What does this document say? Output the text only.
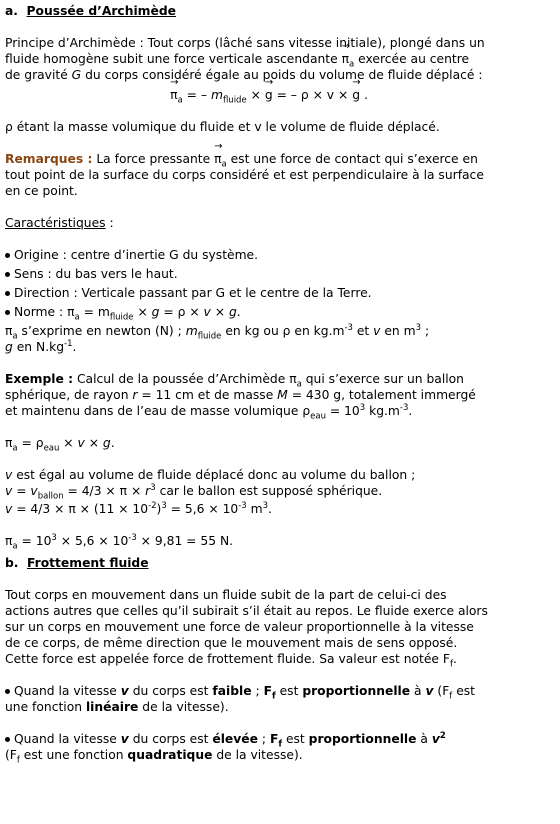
a. Poussée d’Archimède

Principe d’Archimède : Tout corps (lâché sans vitesse initiale), plongé dans un

fluide homogène subit une force verticale ascendante → $\pi_a$ exercée au centre

de gravité G du corps considéré égale au poids du volume de fluide déplacé :

→ $\pi_a$ = – $m_{fluide}$ × → g = – ρ × v × → g .

ρ étant la masse volumique du fluide et v le volume de fluide déplacé.

Remarques : La force pressante → $\pi_a$ est une force de contact qui s’exerce en

tout point de la surface du corps considéré et est perpendiculaire à la surface

en ce point.

Caractéristiques :

Origine : centre d’inertie G du système.

Sens : du bas vers le haut.

Direction : Verticale passant par G et le centre de la Terre.

Norme : $\pi_a = m_{fluide} \times g = \rho \times v \times g$.

$\pi_a$ s’exprime en newton (N) ; $m_{fluide}$ en kg ou ρ en $kg.m^{-3}$ et v en $m^3$ ;

g en $N.kg^{-1}$.

Exemple : Calcul de la poussée d’Archimède $\pi_a$ qui s’exerce sur un ballon

sphérique, de rayon r = 11 cm et de masse M = 430 g, totalement immergé

et maintenu dans de l’eau de masse volumique $\rho_{eau} = 10^3$ $kg.m^{-3}$.

$\pi_a = \rho_{eau} \times v \times g$.

v est égal au volume de fluide déplacé donc au volume du ballon ;

$v = v_{ballon} = 4/3 \times \pi \times r^3$ car le ballon est supposé sphérique.

$v = 4/3 \times \pi \times (11 \times 10^{-2})^3 = 5,6 \times 10^{-3}$ $m^3$.

$\pi_a = 10^3 \times 5,6 \times 10^{-3} \times 9,81 = 55$ N.

b. Frottement fluide

Tout corps en mouvement dans un fluide subit de la part de celui-ci des

actions autres que celles qu’il subirait s’il était au repos. Le fluide exerce alors

sur un corps en mouvement une force de valeur proportionnelle à la vitesse

de ce corps, de même direction que le mouvement mais de sens opposé.

Cette force est appelée force de frottement fluide. Sa valeur est notée $F_f$.

Quand la vitesse v du corps est faible ; $F_f$ est proportionnelle à v ($F_f$ est

une fonction linéaire de la vitesse).

Quand la vitesse v du corps est élevée ; $F_f$ est proportionnelle à $v^2$

($F_f$ est une fonction quadratique de la vitesse).
